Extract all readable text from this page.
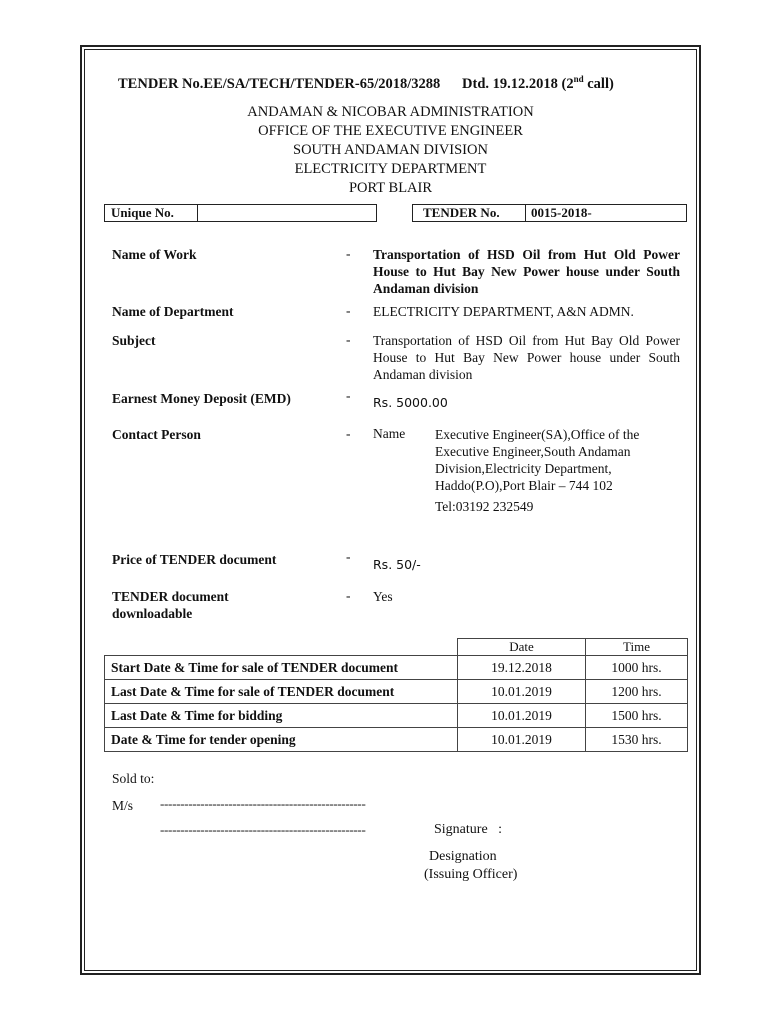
TENDER No.EE/SA/TECH/TENDER-65/2018/3288 Dtd. 19.12.2018 (2nd call)
ANDAMAN & NICOBAR ADMINISTRATION
OFFICE OF THE EXECUTIVE ENGINEER
SOUTH ANDAMAN DIVISION
ELECTRICITY DEPARTMENT
PORT BLAIR
Unique No.	TENDER No.	0015-2018-
Name of Work	- Transportation of HSD Oil from Hut Old Power House to Hut Bay New Power house under South Andaman division
Name of Department	- ELECTRICITY DEPARTMENT, A&N ADMN.
Subject	- Transportation of HSD Oil from Hut Bay Old Power House to Hut Bay New Power house under South Andaman division
Earnest Money Deposit (EMD)	- Rs. 5000.00
Contact Person	- Name Executive Engineer(SA),Office of the
Executive Engineer,South Andaman
Division,Electricity Department,
Haddo(P.O),Port Blair – 744 102
Tel:03192 232549
Price of TENDER document	-
Rs. 50/-
TENDER document
downloadable
- Yes
	Date	Time
Start Date & Time for sale of TENDER document	19.12.2018	1000 hrs.
Last Date & Time for sale of TENDER document	10.01.2019	1200 hrs.
Last Date & Time for bidding	10.01.2019	1500 hrs.
Date & Time for tender opening	10.01.2019	1530 hrs.
Sold to:
M/s ---------------------------------------------------
---------------------------------------------------	Signature   :
Designation
(Issuing Officer)
